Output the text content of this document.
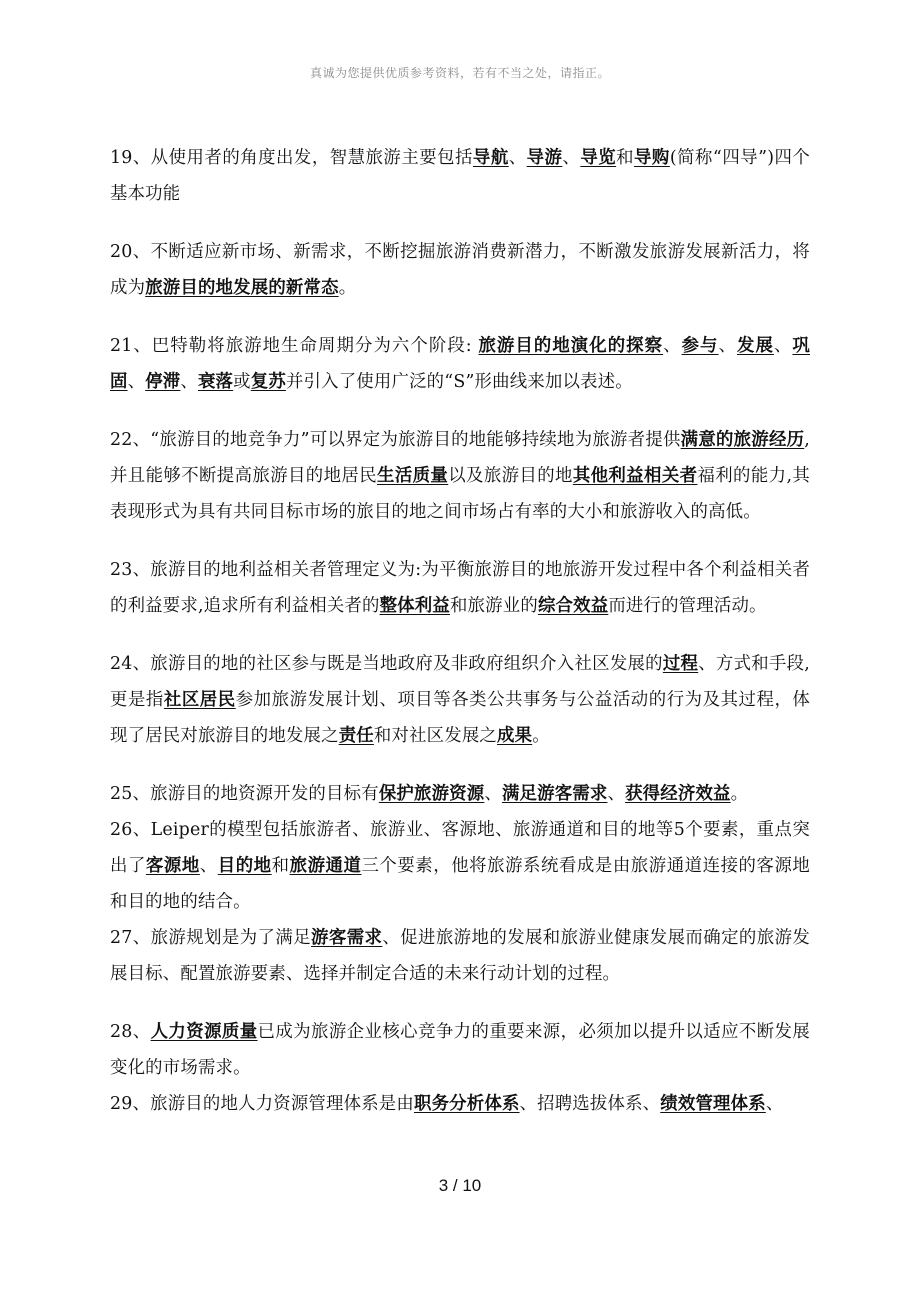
真诚为您提供优质参考资料，若有不当之处，请指正。

19、从使用者的角度出发，智慧旅游主要包括导航、导游、导览和导购(简称“四导”)四个基本功能

20、不断适应新市场、新需求，不断挖掘旅游消费新潜力，不断激发旅游发展新活力，将成为旅游目的地发展的新常态。

21、巴特勒将旅游地生命周期分为六个阶段: 旅游目的地演化的探察、参与、发展、巩固、停滞、衰落或复苏并引入了使用广泛的“S”形曲线来加以表述。

22、“旅游目的地竞争力”可以界定为旅游目的地能够持续地为旅游者提供满意的旅游经历,并且能够不断提高旅游目的地居民生活质量以及旅游目的地其他利益相关者福利的能力,其表现形式为具有共同目标市场的旅目的地之间市场占有率的大小和旅游收入的高低。

23、旅游目的地利益相关者管理定义为:为平衡旅游目的地旅游开发过程中各个利益相关者的利益要求,追求所有利益相关者的整体利益和旅游业的综合效益而进行的管理活动。

24、旅游目的地的社区参与既是当地政府及非政府组织介入社区发展的过程、方式和手段,更是指社区居民参加旅游发展计划、项目等各类公共事务与公益活动的行为及其过程，体现了居民对旅游目的地发展之责任和对社区发展之成果。

25、旅游目的地资源开发的目标有保护旅游资源、满足游客需求、获得经济效益。

26、Leiper的模型包括旅游者、旅游业、客源地、旅游通道和目的地等5个要素，重点突出了客源地、目的地和旅游通道三个要素，他将旅游系统看成是由旅游通道连接的客源地和目的地的结合。

27、旅游规划是为了满足游客需求、促进旅游地的发展和旅游业健康发展而确定的旅游发展目标、配置旅游要素、选择并制定合适的未来行动计划的过程。

28、人力资源质量已成为旅游企业核心竞争力的重要来源，必须加以提升以适应不断发展变化的市场需求。

29、旅游目的地人力资源管理体系是由职务分析体系、招聘选拔体系、绩效管理体系、

3 / 10
